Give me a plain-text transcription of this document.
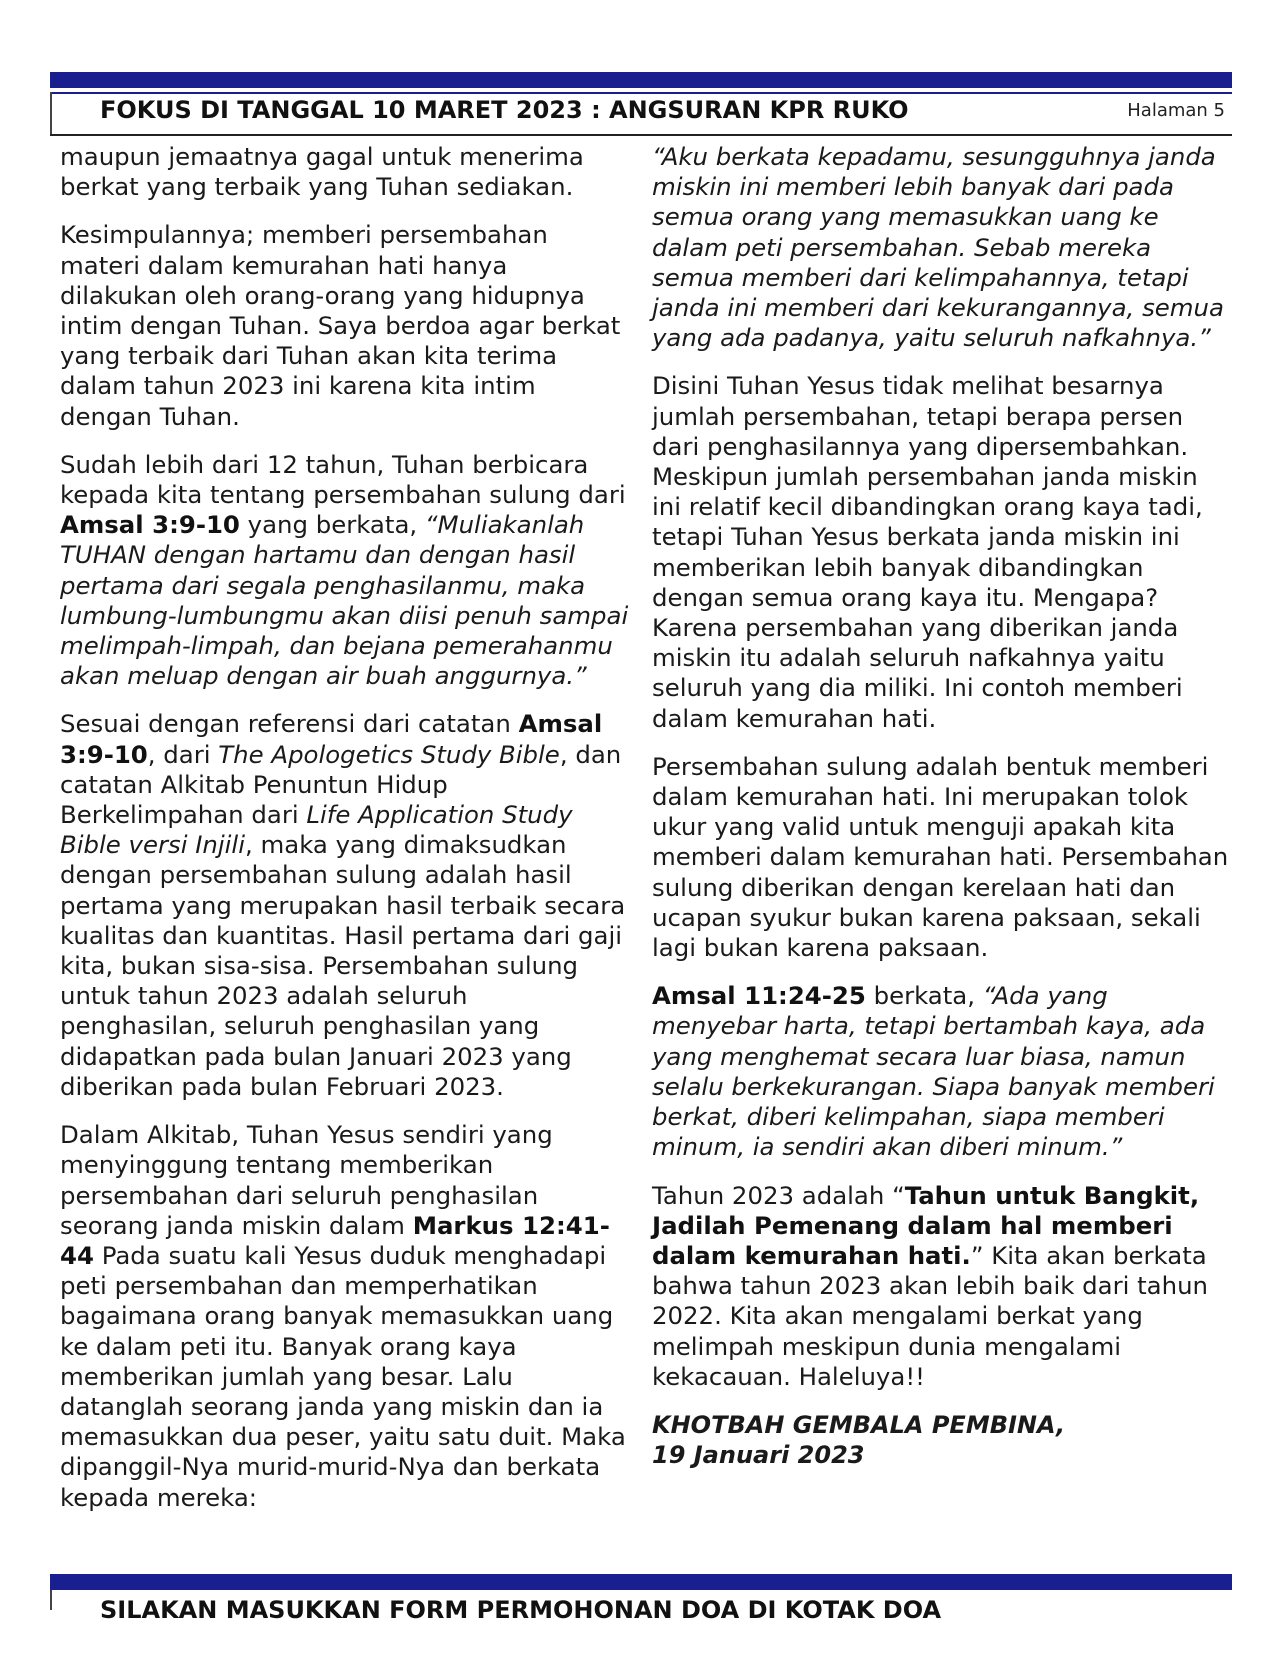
FOKUS DI TANGGAL 10 MARET 2023 : ANGSURAN KPR RUKO	Halaman 5

maupun jemaatnya gagal untuk menerima berkat yang terbaik yang Tuhan sediakan.

Kesimpulannya; memberi persembahan materi dalam kemurahan hati hanya dilakukan oleh orang-orang yang hidupnya intim dengan Tuhan. Saya berdoa agar berkat yang terbaik dari Tuhan akan kita terima dalam tahun 2023 ini karena kita intim dengan Tuhan.

Sudah lebih dari 12 tahun, Tuhan berbicara kepada kita tentang persembahan sulung dari Amsal 3:9-10 yang berkata, “Muliakanlah TUHAN dengan hartamu dan dengan hasil pertama dari segala penghasilanmu, maka lumbung-lumbungmu akan diisi penuh sampai melimpah-limpah, dan bejana pemerahanmu akan meluap dengan air buah anggurnya.”

Sesuai dengan referensi dari catatan Amsal 3:9-10, dari The Apologetics Study Bible, dan catatan Alkitab Penuntun Hidup Berkelimpahan dari Life Application Study Bible versi Injili, maka yang dimaksudkan dengan persembahan sulung adalah hasil pertama yang merupakan hasil terbaik secara kualitas dan kuantitas. Hasil pertama dari gaji kita, bukan sisa-sisa. Persembahan sulung untuk tahun 2023 adalah seluruh penghasilan, seluruh penghasilan yang didapatkan pada bulan Januari 2023 yang diberikan pada bulan Februari 2023.

Dalam Alkitab, Tuhan Yesus sendiri yang menyinggung tentang memberikan persembahan dari seluruh penghasilan seorang janda miskin dalam Markus 12:41-44 Pada suatu kali Yesus duduk menghadapi peti persembahan dan memperhatikan bagaimana orang banyak memasukkan uang ke dalam peti itu. Banyak orang kaya memberikan jumlah yang besar. Lalu datanglah seorang janda yang miskin dan ia memasukkan dua peser, yaitu satu duit. Maka dipanggil-Nya murid-murid-Nya dan berkata kepada mereka:

“Aku berkata kepadamu, sesungguhnya janda miskin ini memberi lebih banyak dari pada semua orang yang memasukkan uang ke dalam peti persembahan. Sebab mereka semua memberi dari kelimpahannya, tetapi janda ini memberi dari kekurangannya, semua yang ada padanya, yaitu seluruh nafkahnya.”

Disini Tuhan Yesus tidak melihat besarnya jumlah persembahan, tetapi berapa persen dari penghasilannya yang dipersembahkan. Meskipun jumlah persembahan janda miskin ini relatif kecil dibandingkan orang kaya tadi, tetapi Tuhan Yesus berkata janda miskin ini memberikan lebih banyak dibandingkan dengan semua orang kaya itu. Mengapa? Karena persembahan yang diberikan janda miskin itu adalah seluruh nafkahnya yaitu seluruh yang dia miliki. Ini contoh memberi dalam kemurahan hati.

Persembahan sulung adalah bentuk memberi dalam kemurahan hati. Ini merupakan tolok ukur yang valid untuk menguji apakah kita memberi dalam kemurahan hati. Persembahan sulung diberikan dengan kerelaan hati dan ucapan syukur bukan karena paksaan, sekali lagi bukan karena paksaan.

Amsal 11:24-25 berkata, “Ada yang menyebar harta, tetapi bertambah kaya, ada yang menghemat secara luar biasa, namun selalu berkekurangan. Siapa banyak memberi berkat, diberi kelimpahan, siapa memberi minum, ia sendiri akan diberi minum.”

Tahun 2023 adalah “Tahun untuk Bangkit, Jadilah Pemenang dalam hal memberi dalam kemurahan hati.” Kita akan berkata bahwa tahun 2023 akan lebih baik dari tahun 2022. Kita akan mengalami berkat yang melimpah meskipun dunia mengalami kekacauan. Haleluya!!

KHOTBAH GEMBALA PEMBINA,
19 Januari 2023
SILAKAN MASUKKAN FORM PERMOHONAN DOA DI KOTAK DOA
